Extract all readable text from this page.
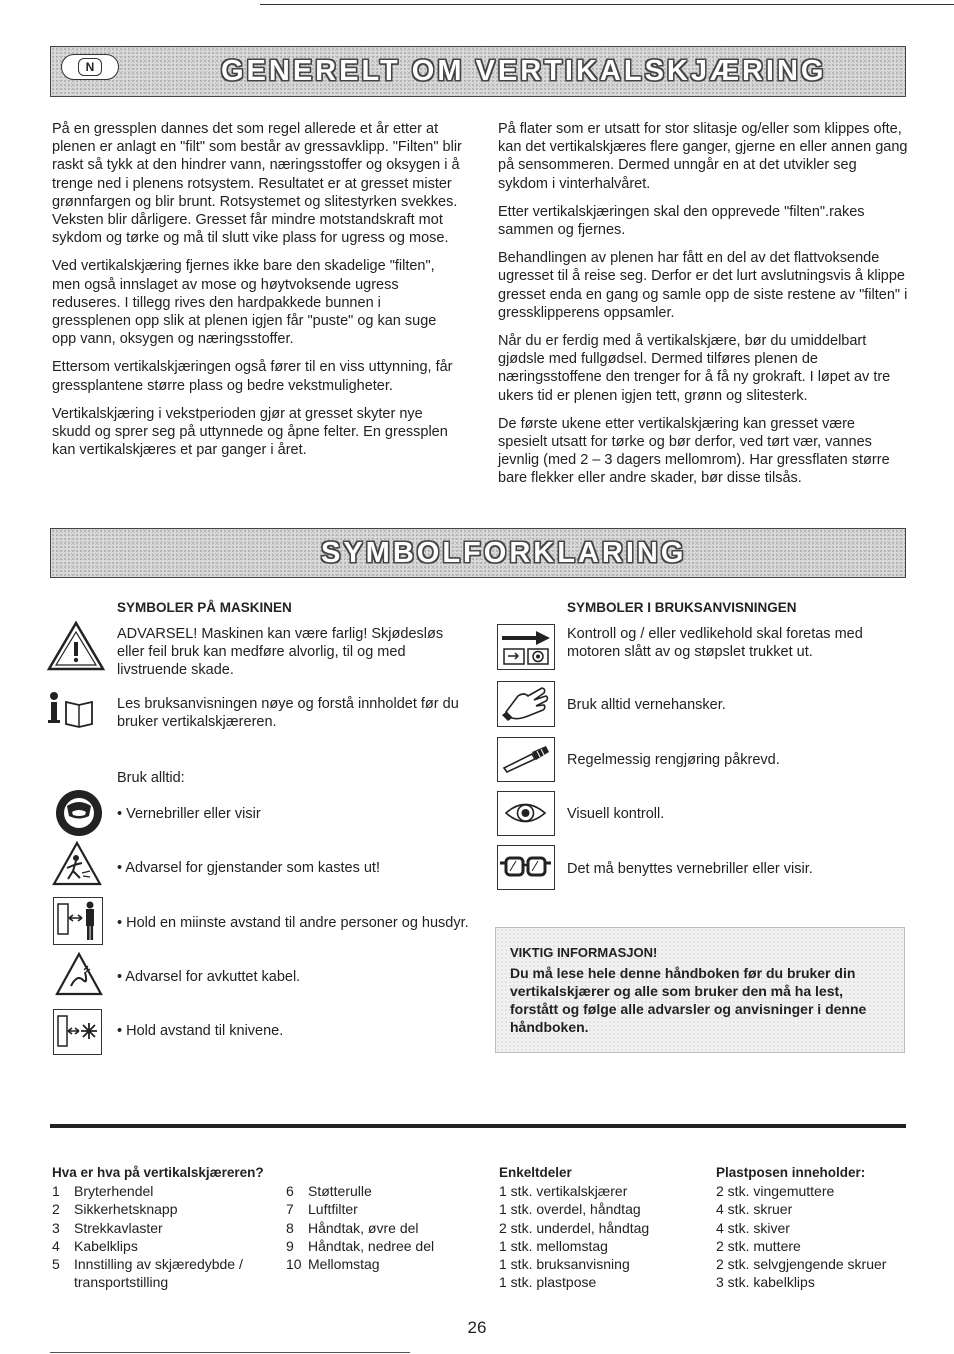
N	GENERELT OM VERTIKALSKJÆRING

På en gressplen dannes det som regel allerede et år etter at plenen er anlagt en "filt" som består av gressavklipp. "Filten" blir raskt så tykk at den hindrer vann, næringsstoffer og oksygen i å trenge ned i plenens rotsystem. Resultatet er at gresset mister grønnfargen og blir brunt. Rotsystemet og slitestyrken svekkes. Veksten blir dårligere. Gresset får mindre motstandskraft mot sykdom og tørke og må til slutt vike plass for ugress og mose.

Ved vertikalskjæring fjernes ikke bare den skadelige "filten", men også innslaget av mose og høytvoksende ugress reduseres. I tillegg rives den hardpakkede bunnen i gressplenen opp slik at plenen igjen får "puste" og kan suge opp vann, oksygen og næringsstoffer.

Ettersom vertikalskjæringen også fører til en viss uttynning, får gressplantene større plass og bedre vekstmuligheter.

Vertikalskjæring i vekstperioden gjør at gresset skyter nye skudd og sprer seg på uttynnede og åpne felter. En gressplen kan vertikalskjæres et par ganger i året.

På flater som er utsatt for stor slitasje og/eller som klippes ofte, kan det vertikalskjæres flere ganger, gjerne en eller annen gang på sensommeren. Dermed unngår en at det utvikler seg sykdom i vinterhalvåret.

Etter vertikalskjæringen skal den opprevede "filten".rakes sammen og fjernes.

Behandlingen av plenen har fått en del av det flattvoksende ugresset til å reise seg. Derfor er det lurt avslutningsvis å klippe gresset enda en gang og samle opp de siste restene av "filten" i gressklipperens oppsamler.

Når du er ferdig med å vertikalskjære, bør du umiddelbart gjødsle med fullgødsel. Dermed tilføres plenen de næringsstoffene den trenger for å få ny grokraft. I løpet av tre ukers tid er plenen igjen tett, grønn og slitesterk.

De første ukene etter vertikalskjæring kan gresset være spesielt utsatt for tørke og bør derfor, ved tørt vær, vannes jevnlig (med 2 – 3 dagers mellomrom). Har gressflaten større bare flekker eller andre skader, bør disse tilsås.

SYMBOLFORKLARING
SYMBOLER PÅ MASKINEN
ADVARSEL! Maskinen kan være farlig! Skjødesløs eller feil bruk kan medføre alvorlig, til og med livstruende skade.
Les bruksanvisningen nøye og forstå innholdet før du bruker vertikalskjæreren.
Bruk alltid:
• Vernebriller eller visir
• Advarsel for gjenstander som kastes ut!
• Hold en miinste avstand til andre personer og husdyr.
• Advarsel for avkuttet kabel.
• Hold avstand til knivene.
SYMBOLER I BRUKSANVISNINGEN
Kontroll og / eller vedlikehold skal foretas med motoren slått av og støpslet trukket ut.
Bruk alltid vernehansker.
Regelmessig rengjøring påkrevd.
Visuell kontroll.
Det må benyttes vernebriller eller visir.
VIKTIG INFORMASJON!
Du må lese hele denne håndboken før du bruker din vertikalskjærer og alle som bruker den må ha lest, forstått og følge alle advarsler og anvisninger i denne håndboken.
Hva er hva på vertikalskjæreren?
1 Bryterhendel
2 Sikkerhetsknapp
3 Strekkavlaster
4 Kabelklips
5 Innstilling av skjæredybde / transportstilling
6 Støtterulle
7 Luftfilter
8 Håndtak, øvre del
9 Håndtak, nedree del
10 Mellomstag
Enkeltdeler
1 stk. vertikalskjærer
1 stk. overdel, håndtag
2 stk. underdel, håndtag
1 stk. mellomstag
1 stk. bruksanvisning
1 stk. plastpose
Plastposen inneholder:
2 stk. vingemuttere
4 stk. skruer
4 stk. skiver
2 stk. muttere
2 stk. selvgjengende skruer
3 stk. kabelklips
26
